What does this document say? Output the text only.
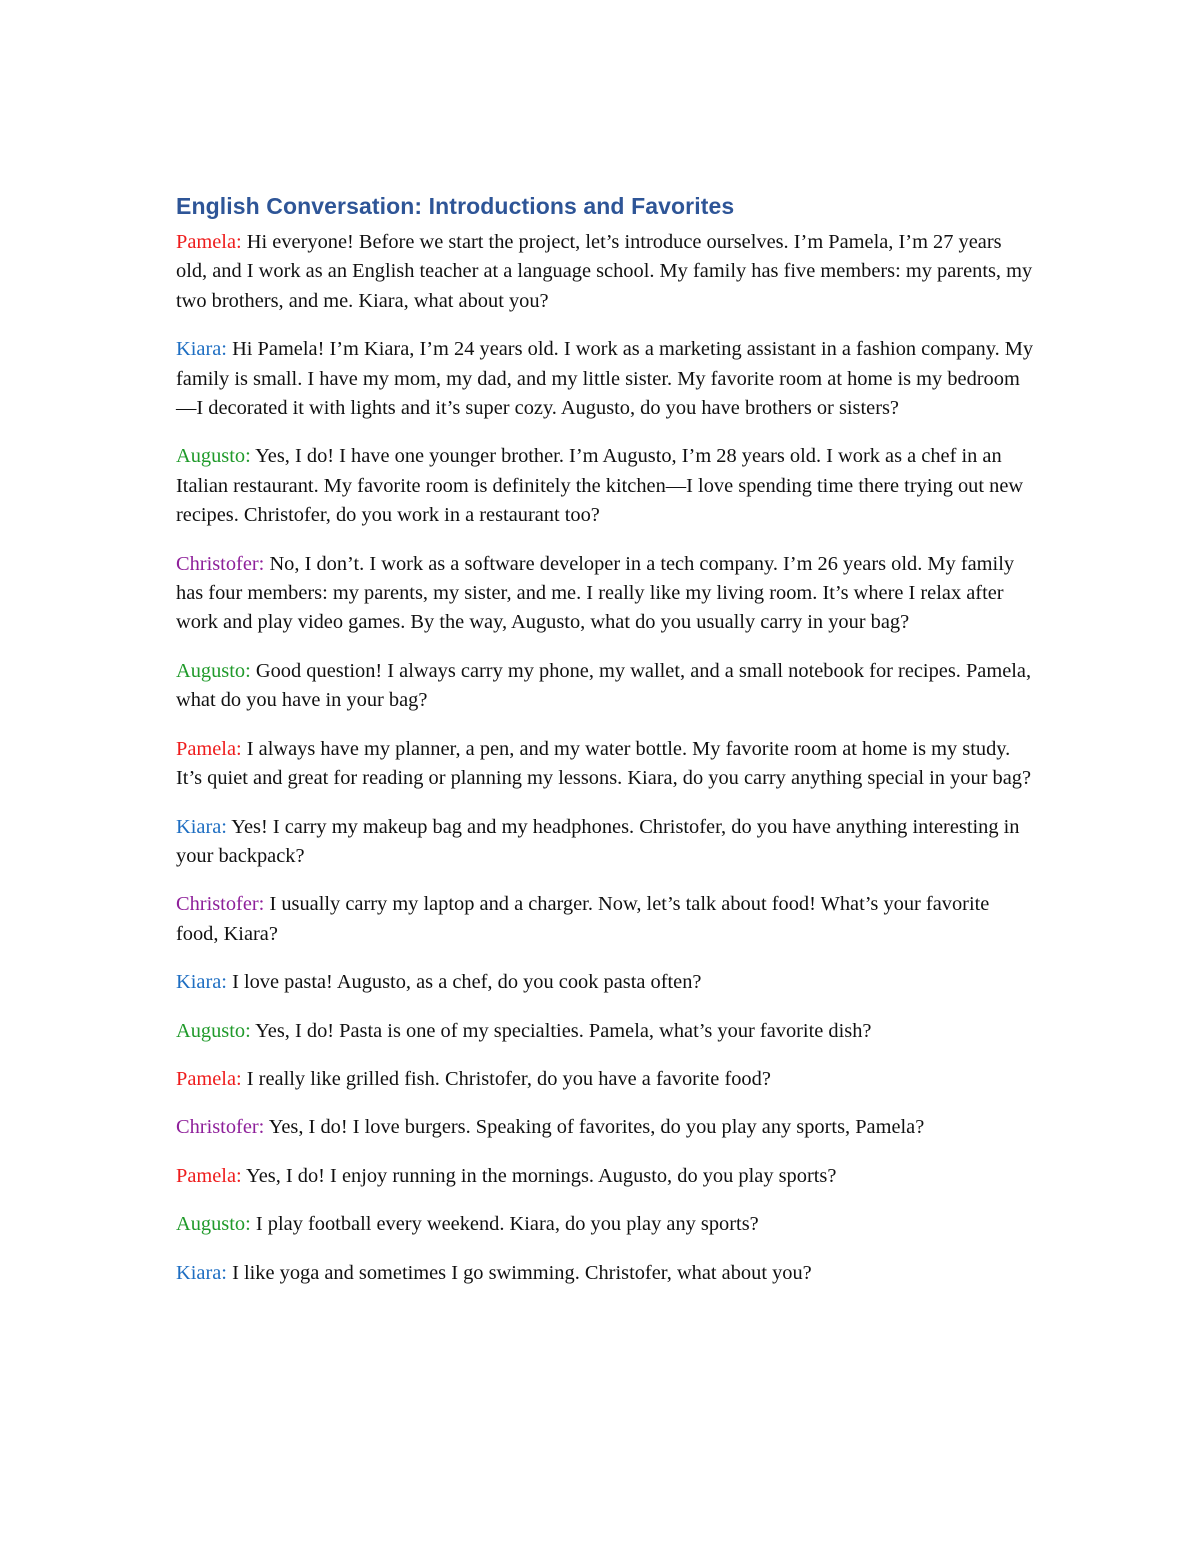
English Conversation: Introductions and Favorites

Pamela: Hi everyone! Before we start the project, let’s introduce ourselves. I’m Pamela, I’m 27 years old, and I work as an English teacher at a language school. My family has five members: my parents, my two brothers, and me. Kiara, what about you?

Kiara: Hi Pamela! I’m Kiara, I’m 24 years old. I work as a marketing assistant in a fashion company. My family is small. I have my mom, my dad, and my little sister. My favorite room at home is my bedroom—I decorated it with lights and it’s super cozy. Augusto, do you have brothers or sisters?

Augusto: Yes, I do! I have one younger brother. I’m Augusto, I’m 28 years old. I work as a chef in an Italian restaurant. My favorite room is definitely the kitchen—I love spending time there trying out new recipes. Christofer, do you work in a restaurant too?

Christofer: No, I don’t. I work as a software developer in a tech company. I’m 26 years old. My family has four members: my parents, my sister, and me. I really like my living room. It’s where I relax after work and play video games. By the way, Augusto, what do you usually carry in your bag?

Augusto: Good question! I always carry my phone, my wallet, and a small notebook for recipes. Pamela, what do you have in your bag?

Pamela: I always have my planner, a pen, and my water bottle. My favorite room at home is my study. It’s quiet and great for reading or planning my lessons. Kiara, do you carry anything special in your bag?

Kiara: Yes! I carry my makeup bag and my headphones. Christofer, do you have anything interesting in your backpack?

Christofer: I usually carry my laptop and a charger. Now, let’s talk about food! What’s your favorite food, Kiara?

Kiara: I love pasta! Augusto, as a chef, do you cook pasta often?

Augusto: Yes, I do! Pasta is one of my specialties. Pamela, what’s your favorite dish?

Pamela: I really like grilled fish. Christofer, do you have a favorite food?

Christofer: Yes, I do! I love burgers. Speaking of favorites, do you play any sports, Pamela?

Pamela: Yes, I do! I enjoy running in the mornings. Augusto, do you play sports?

Augusto: I play football every weekend. Kiara, do you play any sports?

Kiara: I like yoga and sometimes I go swimming. Christofer, what about you?
